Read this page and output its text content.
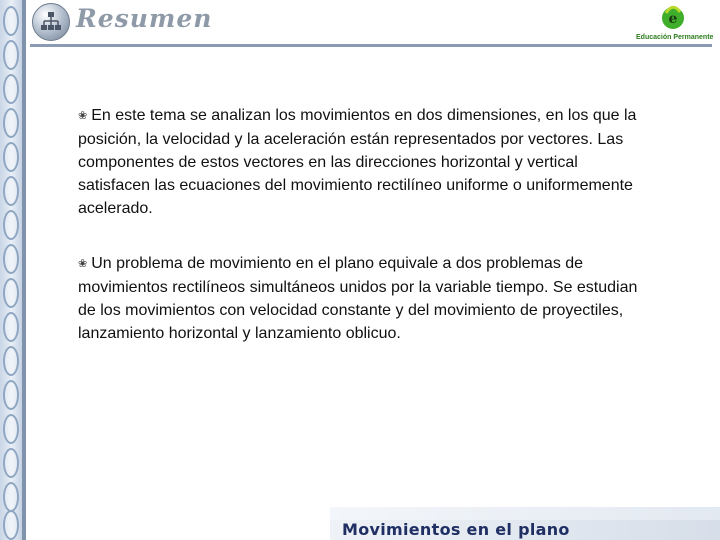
Resumen	e
Educación Permanente

❀ En este tema se analizan los movimientos en dos dimensiones, en los que la posición, la velocidad y la aceleración están representados por vectores. Las componentes de estos vectores en las direcciones horizontal y vertical satisfacen las ecuaciones del movimiento rectilíneo uniforme o uniformemente acelerado.

❀ Un problema de movimiento en el plano equivale a dos problemas de movimientos rectilíneos simultáneos unidos por la variable tiempo. Se estudian de los movimientos con velocidad constante y del movimiento de proyectiles, lanzamiento horizontal y lanzamiento oblicuo.

Movimientos en el plano
